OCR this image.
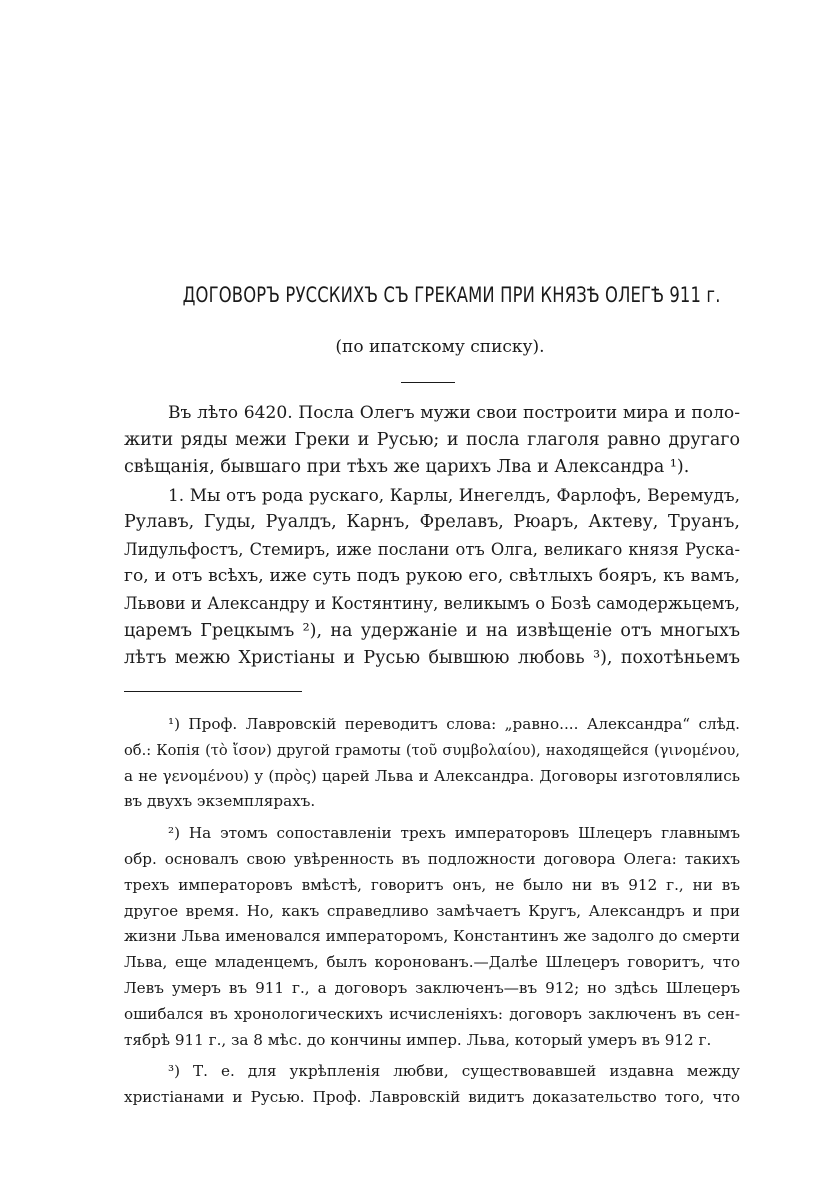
ДОГОВОРЪ РУССКИХЪ СЪ ГРЕКАМИ ПРИ КНЯЗѢ ОЛЕГѢ 911 г.
(по ипатскому списку).
Въ лѣто 6420. Посла Олегъ мужи свои построити мира и поло-
жити ряды межи Греки и Русью; и посла глаголя равно другаго
свѣщанія, бывшаго при тѣхъ же царихъ Лва и Александра ¹).
1. Мы отъ рода рускаго, Карлы, Инегелдъ, Фарлофъ, Веремудъ,
Рулавъ, Гуды, Руалдъ, Карнъ, Фрелавъ, Рюаръ, Актеву, Труанъ,
Лидульфостъ, Стемиръ, иже послани отъ Олга, великаго князя Руска-
го, и отъ всѣхъ, иже суть подъ рукою его, свѣтлыхъ бояръ, къ вамъ,
Львови и Александру и Костянтину, великымъ о Бозѣ самодержьцемъ,
царемъ Грецкымъ ²), на удержаніе и на извѣщеніе отъ многыхъ
лѣтъ межю Христіаны и Русью бывшюю любовь ³), похотѣньемъ
¹) Проф. Лавровскій переводитъ слова: „равно.... Александра“ слѣд.
об.: Копія (τὸ ἴσον) другой грамоты (τοῦ συμβολαίου), находящейся (γινομένου,
а не γενομένου) у (πρὸς) царей Льва и Александра. Договоры изготовлялись
въ двухъ экземплярахъ.
²) На этомъ сопоставленіи трехъ императоровъ Шлецеръ главнымъ
обр. основалъ свою увѣренность въ подложности договора Олега: такихъ
трехъ императоровъ вмѣстѣ, говоритъ онъ, не было ни въ 912 г., ни въ
другое время. Но, какъ справедливо замѣчаетъ Кругъ, Александръ и при
жизни Льва именовался императоромъ, Константинъ же задолго до смерти
Льва, еще младенцемъ, былъ коронованъ.—Далѣе Шлецеръ говоритъ, что
Левъ умеръ въ 911 г., а договоръ заключенъ—въ 912; но здѣсь Шлецеръ
ошибался въ хронологическихъ исчисленіяхъ: договоръ заключенъ въ сен-
тябрѣ 911 г., за 8 мѣс. до кончины импер. Льва, который умеръ въ 912 г.
³) Т. е. для укрѣпленія любви, существовавшей издавна между
христіанами и Русью. Проф. Лавровскій видитъ доказательство того, что
